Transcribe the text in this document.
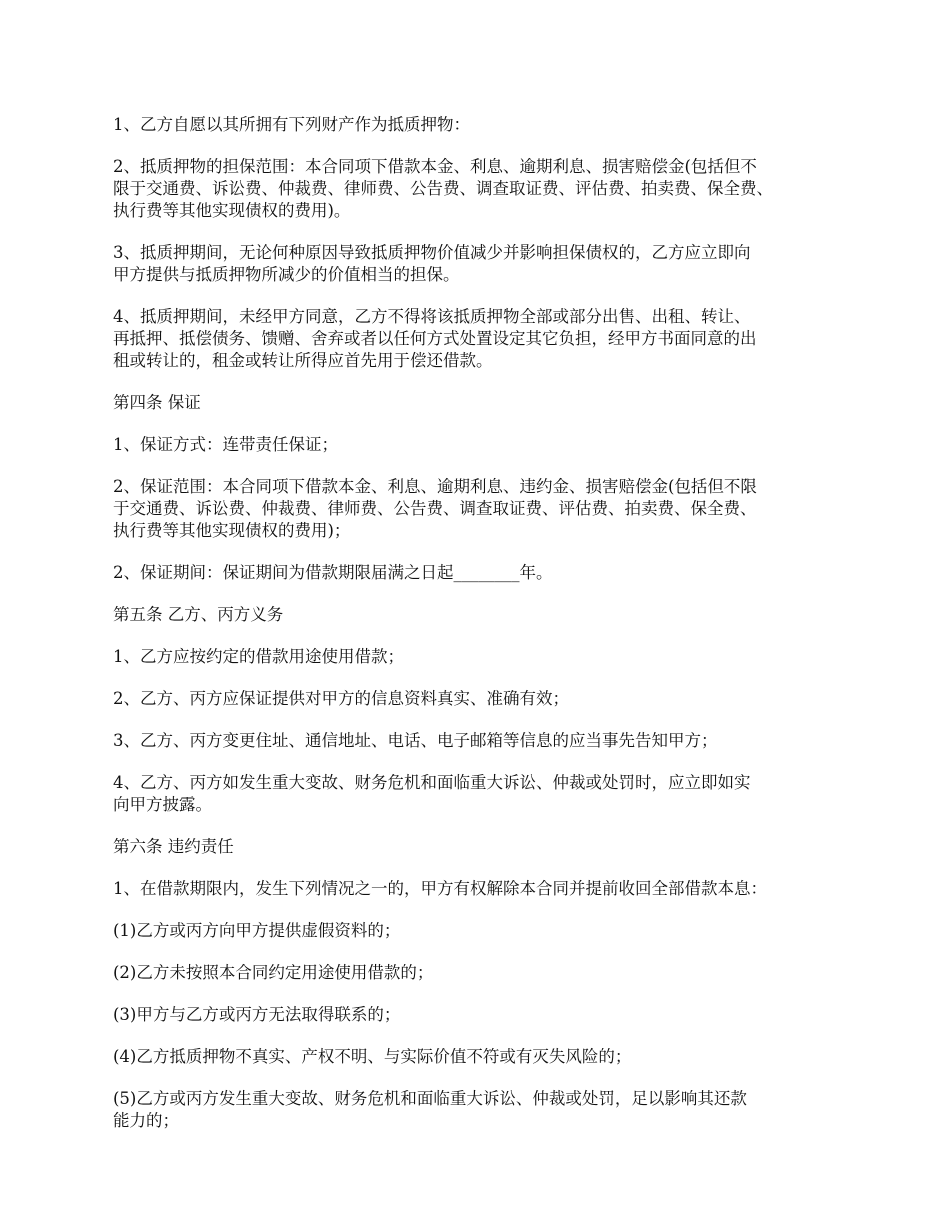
1、乙方自愿以其所拥有下列财产作为抵质押物：

2、抵质押物的担保范围：本合同项下借款本金、利息、逾期利息、损害赔偿金(包括但不
限于交通费、诉讼费、仲裁费、律师费、公告费、调查取证费、评估费、拍卖费、保全费、
执行费等其他实现债权的费用)。

3、抵质押期间，无论何种原因导致抵质押物价值减少并影响担保债权的，乙方应立即向
甲方提供与抵质押物所减少的价值相当的担保。

4、抵质押期间，未经甲方同意，乙方不得将该抵质押物全部或部分出售、出租、转让、
再抵押、抵偿债务、馈赠、舍弃或者以任何方式处置设定其它负担，经甲方书面同意的出
租或转让的，租金或转让所得应首先用于偿还借款。

第四条 保证

1、保证方式：连带责任保证；

2、保证范围：本合同项下借款本金、利息、逾期利息、违约金、损害赔偿金(包括但不限
于交通费、诉讼费、仲裁费、律师费、公告费、调查取证费、评估费、拍卖费、保全费、
执行费等其他实现债权的费用)；

2、保证期间：保证期间为借款期限届满之日起________年。

第五条 乙方、丙方义务

1、乙方应按约定的借款用途使用借款；

2、乙方、丙方应保证提供对甲方的信息资料真实、准确有效；

3、乙方、丙方变更住址、通信地址、电话、电子邮箱等信息的应当事先告知甲方；

4、乙方、丙方如发生重大变故、财务危机和面临重大诉讼、仲裁或处罚时，应立即如实
向甲方披露。

第六条 违约责任

1、在借款期限内，发生下列情况之一的，甲方有权解除本合同并提前收回全部借款本息：

(1)乙方或丙方向甲方提供虚假资料的；

(2)乙方未按照本合同约定用途使用借款的；

(3)甲方与乙方或丙方无法取得联系的；

(4)乙方抵质押物不真实、产权不明、与实际价值不符或有灭失风险的；

(5)乙方或丙方发生重大变故、财务危机和面临重大诉讼、仲裁或处罚，足以影响其还款
能力的；
